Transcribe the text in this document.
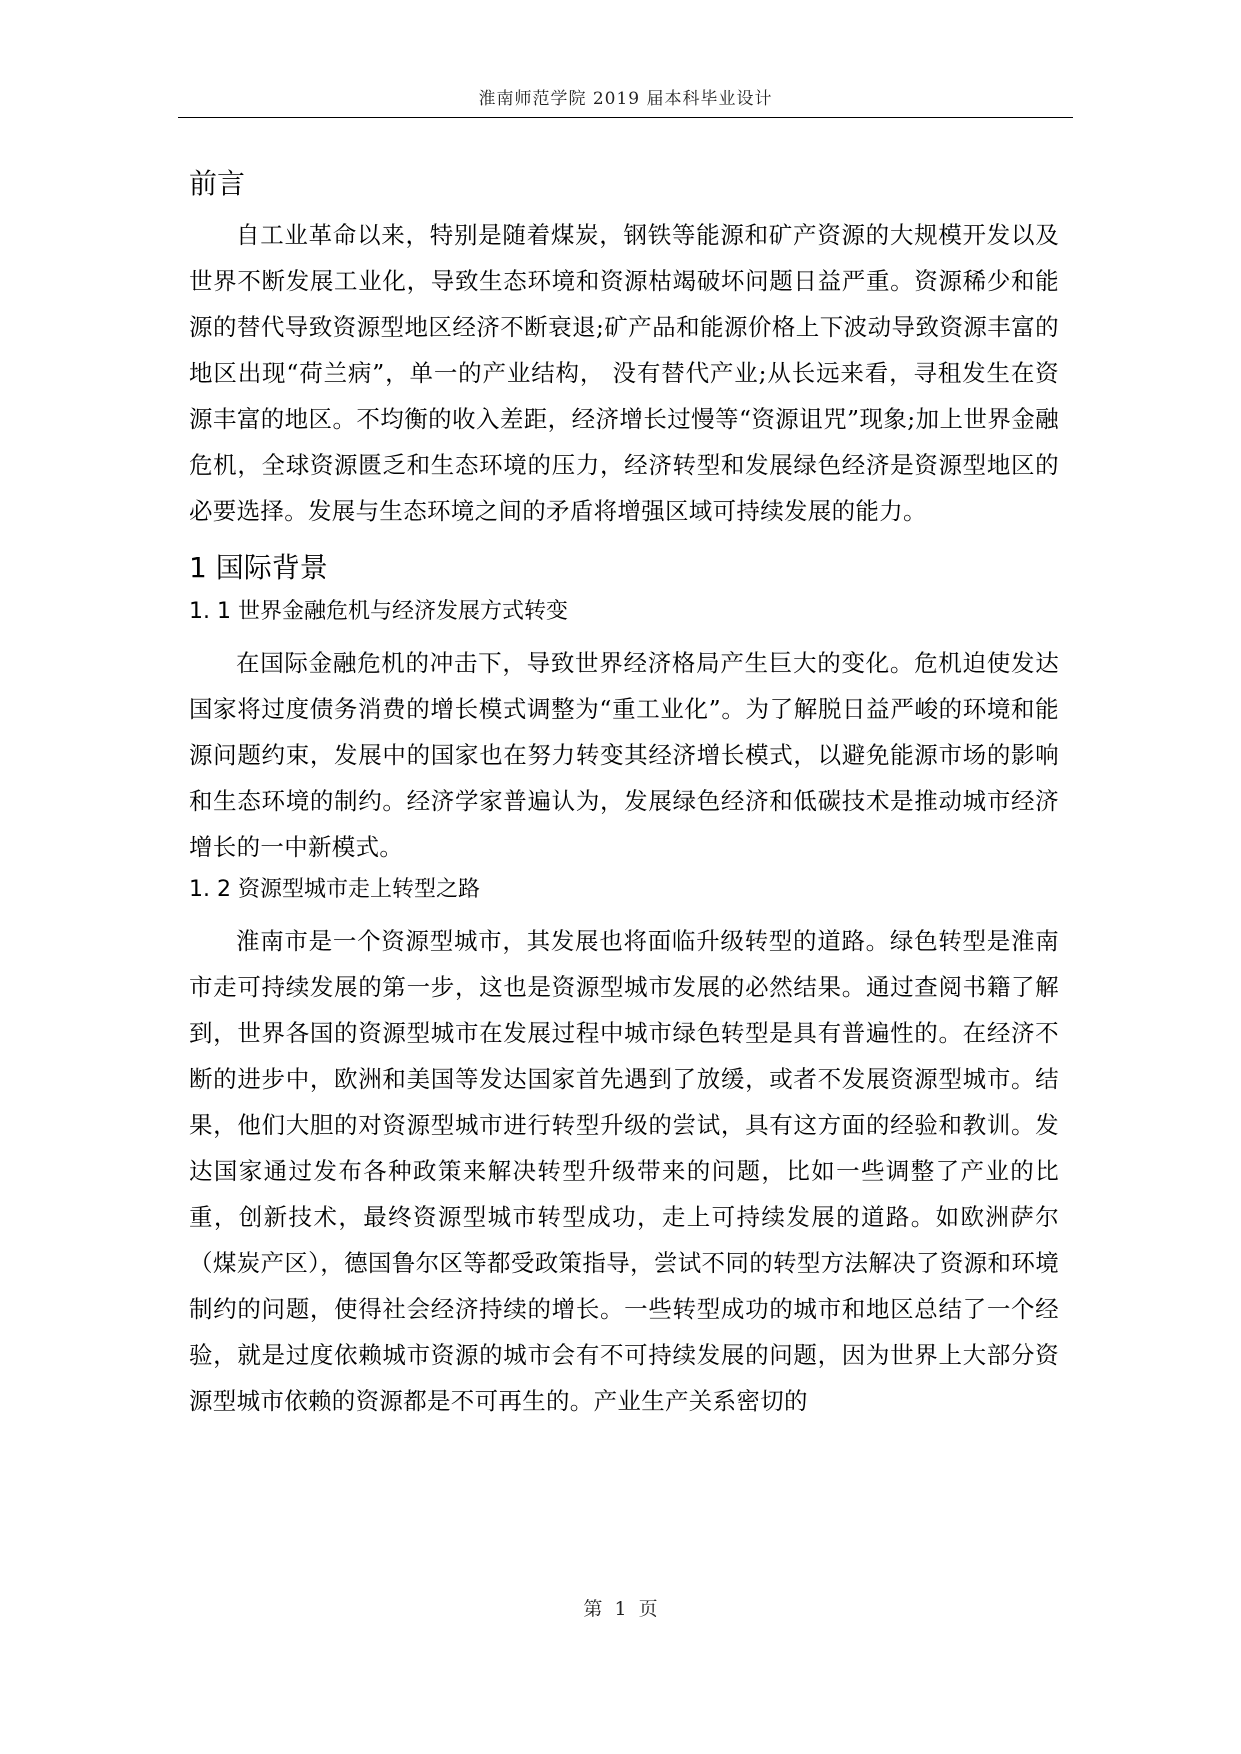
淮南师范学院 2019 届本科毕业设计
前言

自工业革命以来，特别是随着煤炭，钢铁等能源和矿产资源的大规模开发以及世界不断发展工业化，导致生态环境和资源枯竭破坏问题日益严重。资源稀少和能源的替代导致资源型地区经济不断衰退;矿产品和能源价格上下波动导致资源丰富的地区出现“荷兰病”，单一的产业结构， 没有替代产业;从长远来看，寻租发生在资源丰富的地区。不均衡的收入差距，经济增长过慢等“资源诅咒”现象;加上世界金融危机，全球资源匮乏和生态环境的压力，经济转型和发展绿色经济是资源型地区的必要选择。发展与生态环境之间的矛盾将增强区域可持续发展的能力。

1 国际背景
1. 1 世界金融危机与经济发展方式转变

在国际金融危机的冲击下，导致世界经济格局产生巨大的变化。危机迫使发达国家将过度债务消费的增长模式调整为“重工业化”。为了解脱日益严峻的环境和能源问题约束，发展中的国家也在努力转变其经济增长模式，以避免能源市场的影响和生态环境的制约。经济学家普遍认为，发展绿色经济和低碳技术是推动城市经济增长的一中新模式。

1. 2 资源型城市走上转型之路

淮南市是一个资源型城市，其发展也将面临升级转型的道路。绿色转型是淮南市走可持续发展的第一步，这也是资源型城市发展的必然结果。通过查阅书籍了解到，世界各国的资源型城市在发展过程中城市绿色转型是具有普遍性的。在经济不断的进步中，欧洲和美国等发达国家首先遇到了放缓，或者不发展资源型城市。结果，他们大胆的对资源型城市进行转型升级的尝试，具有这方面的经验和教训。发达国家通过发布各种政策来解决转型升级带来的问题，比如一些调整了产业的比重，创新技术，最终资源型城市转型成功，走上可持续发展的道路。如欧洲萨尔（煤炭产区），德国鲁尔区等都受政策指导，尝试不同的转型方法解决了资源和环境制约的问题，使得社会经济持续的增长。一些转型成功的城市和地区总结了一个经验，就是过度依赖城市资源的城市会有不可持续发展的问题，因为世界上大部分资源型城市依赖的资源都是不可再生的。产业生产关系密切的

第 1 页
